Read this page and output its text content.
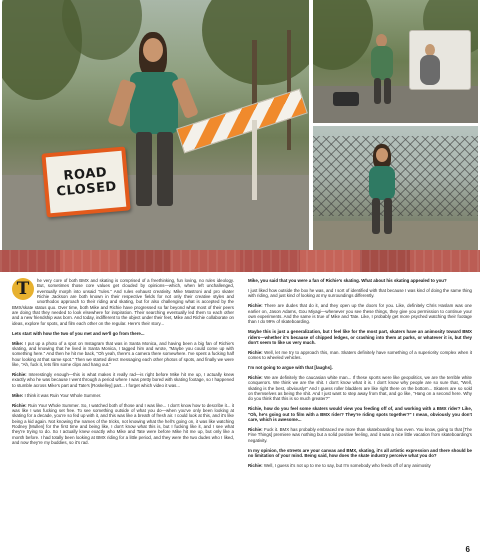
ROAD
CLOSED

T	he very core of both BMX and skating is comprised of a freethinking, fun loving, no rules ideology. But, sometimes those core values get clouded by opinions—which, when left unchallenged, eventually morph into unsaid "rules." And rules exhaust creativity. Mike Mastroni and pro skater Richie Jackson are both known in their respective fields for not only their creative styles and unorthodox approach to their riding and skating, but for also challenging what is accepted by the BMX/skate status quo. Over time, both Mike and Richie have progressed so far beyond what most of their peers are doing that they needed to look elsewhere for inspiration. Their searching eventually led them to each other and a new friendship was born. And today, indifferent to the object under their feet, Mike and Richie collaborate on ideas, explore for spots, and film each other on the regular. Here's their story...

Lets start with how the two of you met and we'll go from there...

Mike: I put up a photo of a spot on Instagram that was in Santa Monica, and having been a big fan of Richie's skating, and knowing that he lived in Santa Monica, I tagged him and wrote, "Maybe you could come up with something here." And then he hit me back, "Oh yeah, there's a camera there somewhere. I've spent a fucking half hour looking at that same spot." Then we started direct messaging each other photos of spots, and finally we were like, "Ah, fuck it, lets film some clips and hang out."

Richie: Interestingly enough—this is what makes it really rad—is right before Mike hit me up, I actually knew exactly who he was because I went through a period where I was pretty bored with skating footage, so I happened to stumble across Mike's part and Tate's [Roskelley] part... I forget which video it was...

Mike: I think it was Ruin Your Whole Summer.

Richie: Ruin Your Whole Summer. So, I watched both of those and I was like... I don't know how to describe it... it was like I was fucking set free. To see something outside of what you do—when you've only been looking at skating for a decade, you're so fed up with it, and this was like a breath of fresh air. I could look at this, and it's like being a kid again. Not knowing the names of the tricks, not knowing what the hell's going on, it was like watching Rodney [Mullen] for the first time and being like, I don't know what this is, but I fucking like it, and I see what they're trying to do. So I actually knew exactly who Mike and Tate were before Mike hit me up, but only like a month before. I had totally been looking at BMX riding for a little period, and they were the two dudes who I liked, and now they're my buddies, so it's rad.

Mike, you said that you were a fan of Richie's skating. What about his skating appealed to you?

I just liked how outside the box he was, and I sort of identified with that because I was kind of doing the same thing with riding, and just kind of looking at my surroundings differently.

Richie: There are dudes that do it, and they open up the doors for you. Like, definitely Chris Haslam was one earlier on, Jason Adams, Gou Miyagi—whenever you see these things, they give you permission to continue your own experiments. And the same is true of Mike and Tate. Like, I probably get more psyched watching their footage than I do 99% of skateboarding.

Maybe this is just a generalization, but I feel like for the most part, skaters have an animosity toward BMX riders—whether it's because of chipped ledges, or crashing into them at parks, or whatever it is, but they don't seem to like us very much.

Richie: Well, let me try to approach this, man. Skaters definitely have something of a superiority complex when it comes to wheeled vehicles.

I'm not going to argue with that [laughs].

Richie: We are definitely the caucasian white man... If these sports were like geopolitics, we are the terrible white conquerors. We think we are the shit. I don't know what it is. I don't know why people are so sure that, "Well, skating is the best, obviously!" And I guess roller bladders are like right there on the bottom... Skaters are so sold on themselves as being the shit. And I just want to step away from that, and go like, "Hang on a second here. Why do you think that this is so much greater?"

Richie, how do you feel some skaters would view you feeding off of, and working with a BMX rider? Like, "Oh, he's going out to film with a BMX rider? They're riding spots together?" I mean, obviously you don't care, which is awesome...

Richie: Fuck it. BMX has probably embraced me more than skateboarding has even. You know, going to that [The Fine Things] premiere was nothing but a solid positive feeling, and it was a nice little vacation from skateboarding's negativity.

In my opinion, the streets are your canvas and BMX, skating, it's all artistic expression and there should be no limitation of your mind. Being said, how does the skate industry perceive what you do?

Richie: Well, I guess it's not up to me to say, but I'm somebody who feeds off of any animosity

6
